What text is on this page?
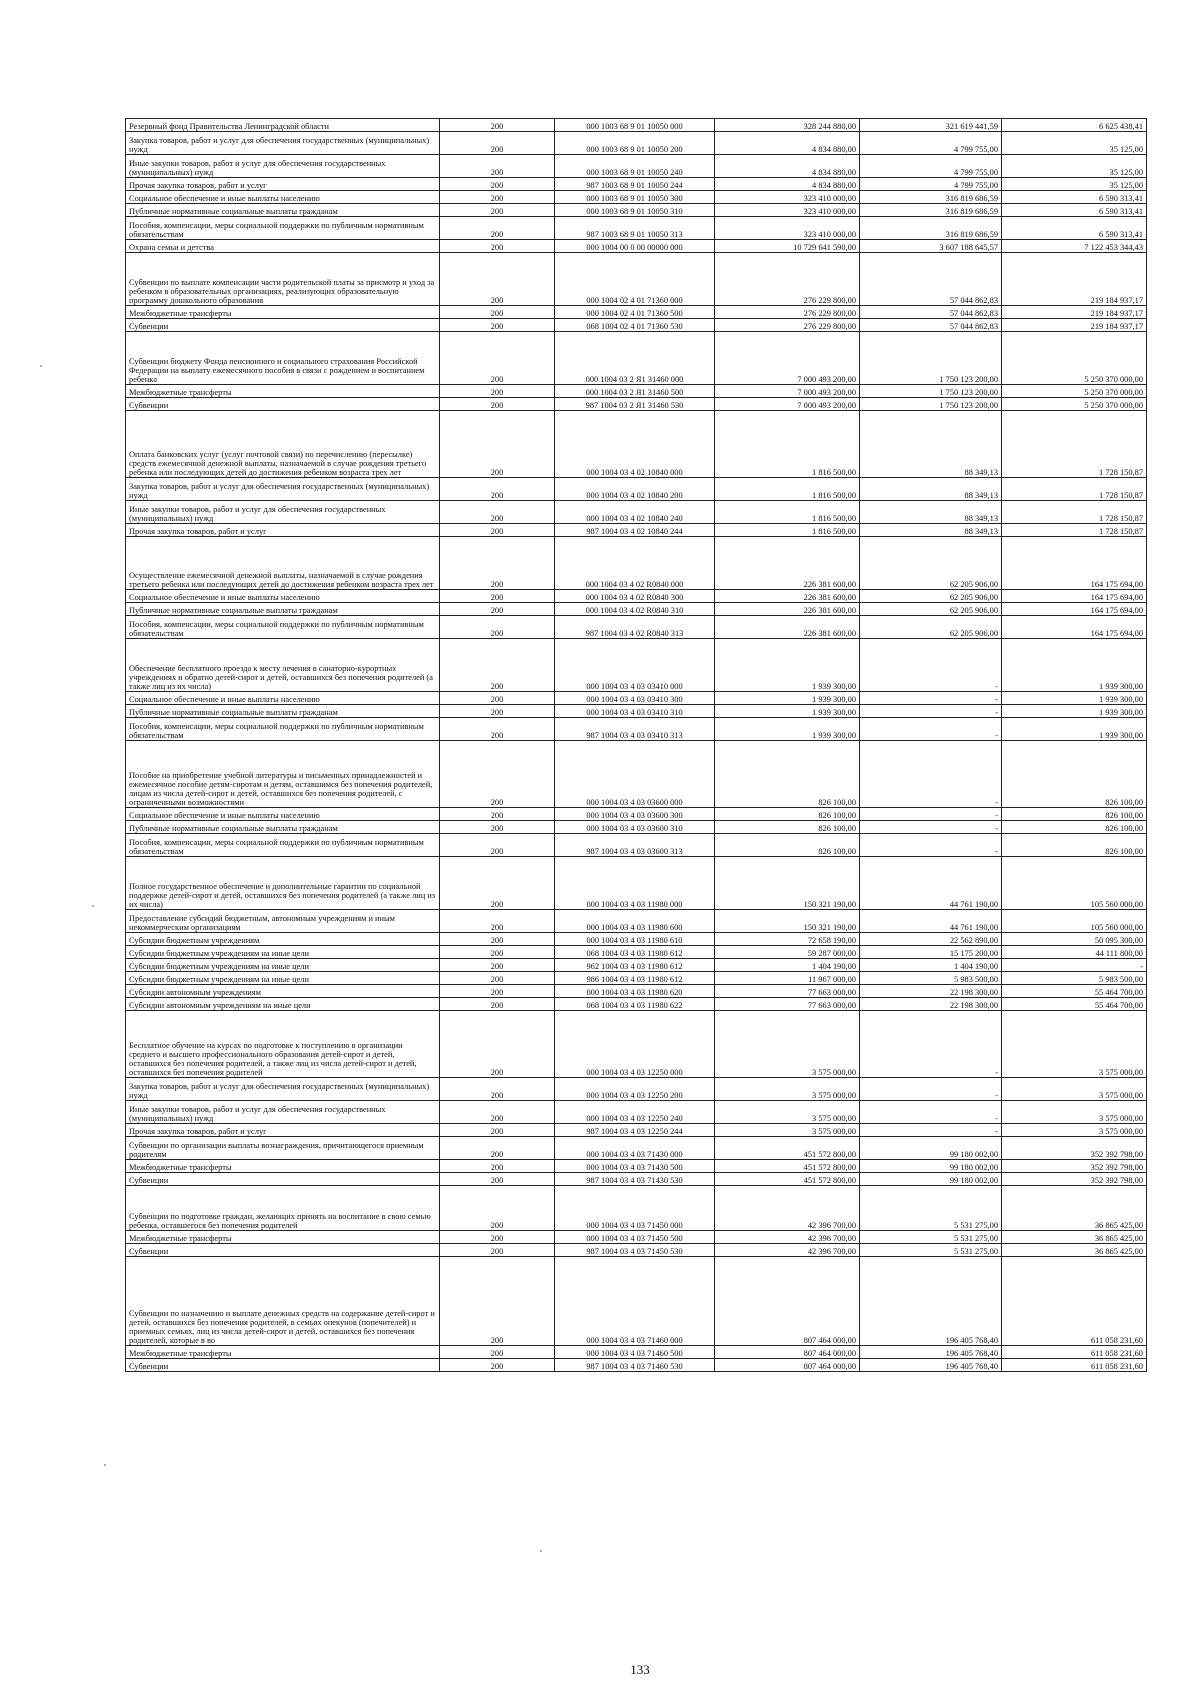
Резервный фонд Правительства Ленинградской области	200	000 1003 68 9 01 10050 000	328 244 880,00	321 619 441,59	6 625 438,41
Закупка товаров, работ и услуг для обеспечения государственных (муниципальных) нужд	200	000 1003 68 9 01 10050 200	4 834 880,00	4 799 755,00	35 125,00
Иные закупки товаров, работ и услуг для обеспечения государственных (муниципальных) нужд	200	000 1003 68 9 01 10050 240	4 834 880,00	4 799 755,00	35 125,00
Прочая закупка товаров, работ и услуг	200	987 1003 68 9 01 10050 244	4 834 880,00	4 799 755,00	35 125,00
Социальное обеспечение и иные выплаты населению	200	000 1003 68 9 01 10050 300	323 410 000,00	316 819 686,59	6 590 313,41
Публичные нормативные социальные выплаты гражданам	200	000 1003 68 9 01 10050 310	323 410 000,00	316 819 686,59	6 590 313,41
Пособия, компенсации, меры социальной поддержки по публичным нормативным обязательствам	200	987 1003 68 9 01 10050 313	323 410 000,00	316 819 686,59	6 590 313,41
Охрана семьи и детства	200	000 1004 00 0 00 00000 000	10 729 641 590,00	3 607 188 645,57	7 122 453 344,43
Субвенции по выплате компенсации части родительской платы за присмотр и уход за ребенком в образовательных организациях, реализующих образовательную программу дошкольного образования	200	000 1004 02 4 01 71360 000	276 229 800,00	57 044 862,83	219 184 937,17
Межбюджетные трансферты	200	000 1004 02 4 01 71360 500	276 229 800,00	57 044 862,83	219 184 937,17
Субвенции	200	068 1004 02 4 01 71360 530	276 229 800,00	57 044 862,83	219 184 937,17
Субвенции бюджету Фонда пенсионного и социального страхования Российской Федерации на выплату ежемесячного пособия в связи с рождением и воспитанием ребенка	200	000 1004 03 2 Я1 31460 000	7 000 493 200,00	1 750 123 200,00	5 250 370 000,00
Межбюджетные трансферты	200	000 1004 03 2 Я1 31460 500	7 000 493 200,00	1 750 123 200,00	5 250 370 000,00
Субвенции	200	987 1004 03 2 Я1 31460 530	7 000 493 200,00	1 750 123 200,00	5 250 370 000,00
Оплата банковских услуг (услуг почтовой связи) по перечислению (пересылке) средств ежемесячной денежной выплаты, назначаемой в случае рождения третьего ребенка или последующих детей до достижения ребенком возраста трех лет	200	000 1004 03 4 02 10840 000	1 816 500,00	88 349,13	1 728 150,87
Закупка товаров, работ и услуг для обеспечения государственных (муниципальных) нужд	200	000 1004 03 4 02 10840 200	1 816 500,00	88 349,13	1 728 150,87
Иные закупки товаров, работ и услуг для обеспечения государственных (муниципальных) нужд	200	000 1004 03 4 02 10840 240	1 816 500,00	88 349,13	1 728 150,87
Прочая закупка товаров, работ и услуг	200	987 1004 03 4 02 10840 244	1 816 500,00	88 349,13	1 728 150,87
Осуществление ежемесячной денежной выплаты, назначаемой в случае рождения третьего ребенка или последующих детей до достижения ребенком возраста трех лет	200	000 1004 03 4 02 R0840 000	226 381 600,00	62 205 906,00	164 175 694,00
Социальное обеспечение и иные выплаты населению	200	000 1004 03 4 02 R0840 300	226 381 600,00	62 205 906,00	164 175 694,00
Публичные нормативные социальные выплаты гражданам	200	000 1004 03 4 02 R0840 310	226 381 600,00	62 205 906,00	164 175 694,00
Пособия, компенсации, меры социальной поддержки по публичным нормативным обязательствам	200	987 1004 03 4 02 R0840 313	226 381 600,00	62 205 906,00	164 175 694,00
Обеспечение бесплатного проезда к месту лечения в санаторно-курортных учреждениях и обратно детей-сирот и детей, оставшихся без попечения родителей (а также лиц из их числа)	200	000 1004 03 4 03 03410 000	1 939 300,00	-	1 939 300,00
Социальное обеспечение и иные выплаты населению	200	000 1004 03 4 03 03410 300	1 939 300,00	-	1 939 300,00
Публичные нормативные социальные выплаты гражданам	200	000 1004 03 4 03 03410 310	1 939 300,00	-	1 939 300,00
Пособия, компенсации, меры социальной поддержки по публичным нормативным обязательствам	200	987 1004 03 4 03 03410 313	1 939 300,00	-	1 939 300,00
Пособие на приобретение учебной литературы и письменных принадлежностей и ежемесячное пособие детям-сиротам и детям, оставшимся без попечения родителей, лицам из числа детей-сирот и детей, оставшихся без попечения родителей, с ограниченными возможностями	200	000 1004 03 4 03 03600 000	826 100,00	-	826 100,00
Социальное обеспечение и иные выплаты населению	200	000 1004 03 4 03 03600 300	826 100,00	-	826 100,00
Публичные нормативные социальные выплаты гражданам	200	000 1004 03 4 03 03600 310	826 100,00	-	826 100,00
Пособия, компенсации, меры социальной поддержки по публичным нормативным обязательствам	200	987 1004 03 4 03 03600 313	826 100,00	-	826 100,00
Полное государственное обеспечение и дополнительные гарантии по социальной поддержке детей-сирот и детей, оставшихся без попечения родителей (а также лиц из их числа)	200	000 1004 03 4 03 11980 000	150 321 190,00	44 761 190,00	105 560 000,00
Предоставление субсидий бюджетным, автономным учреждениям и иным некоммерческим организациям	200	000 1004 03 4 03 11980 600	150 321 190,00	44 761 190,00	105 560 000,00
Субсидии бюджетным учреждениям	200	000 1004 03 4 03 11980 610	72 658 190,00	22 562 890,00	50 095 300,00
Субсидии бюджетным учреждениям на иные цели	200	068 1004 03 4 03 11980 612	59 287 000,00	15 175 200,00	44 111 800,00
Субсидии бюджетным учреждениям на иные цели	200	962 1004 03 4 03 11980 612	1 404 190,00	1 404 190,00	-
Субсидии бюджетным учреждениям на иные цели	200	986 1004 03 4 03 11980 612	11 967 000,00	5 983 500,00	5 983 500,00
Субсидии автономным учреждениям	200	000 1004 03 4 03 11980 620	77 663 000,00	22 198 300,00	55 464 700,00
Субсидии автономным учреждениям на иные цели	200	068 1004 03 4 03 11980 622	77 663 000,00	22 198 300,00	55 464 700,00
Бесплатное обучение на курсах по подготовке к поступлению в организации среднего и высшего профессионального образования детей-сирот и детей, оставшихся без попечения родителей, а также лиц из числа детей-сирот и детей, оставшихся без попечения родителей	200	000 1004 03 4 03 12250 000	3 575 000,00	-	3 575 000,00
Закупка товаров, работ и услуг для обеспечения государственных (муниципальных) нужд	200	000 1004 03 4 03 12250 200	3 575 000,00	-	3 575 000,00
Иные закупки товаров, работ и услуг для обеспечения государственных (муниципальных) нужд	200	000 1004 03 4 03 12250 240	3 575 000,00	-	3 575 000,00
Прочая закупка товаров, работ и услуг	200	987 1004 03 4 03 12250 244	3 575 000,00	-	3 575 000,00
Субвенции по организации выплаты вознаграждения, причитающегося приемным родителям	200	000 1004 03 4 03 71430 000	451 572 800,00	99 180 002,00	352 392 798,00
Межбюджетные трансферты	200	000 1004 03 4 03 71430 500	451 572 800,00	99 180 002,00	352 392 798,00
Субвенции	200	987 1004 03 4 03 71430 530	451 572 800,00	99 180 002,00	352 392 798,00
Субвенции по подготовке граждан, желающих принять на воспитание в свою семью ребенка, оставшегося без попечения родителей	200	000 1004 03 4 03 71450 000	42 396 700,00	5 531 275,00	36 865 425,00
Межбюджетные трансферты	200	000 1004 03 4 03 71450 500	42 396 700,00	5 531 275,00	36 865 425,00
Субвенции	200	987 1004 03 4 03 71450 530	42 396 700,00	5 531 275,00	36 865 425,00
Субвенции по назначению и выплате денежных средств на содержание детей-сирот и детей, оставшихся без попечения родителей, в семьях опекунов (попечителей) и приемных семьях, лиц из числа детей-сирот и детей, оставшихся без попечения родителей, которые в во	200	000 1004 03 4 03 71460 000	807 464 000,00	196 405 768,40	611 058 231,60
Межбюджетные трансферты	200	000 1004 03 4 03 71460 500	807 464 000,00	196 405 768,40	611 058 231,60
Субвенции	200	987 1004 03 4 03 71460 530	807 464 000,00	196 405 768,40	611 058 231,60
133
